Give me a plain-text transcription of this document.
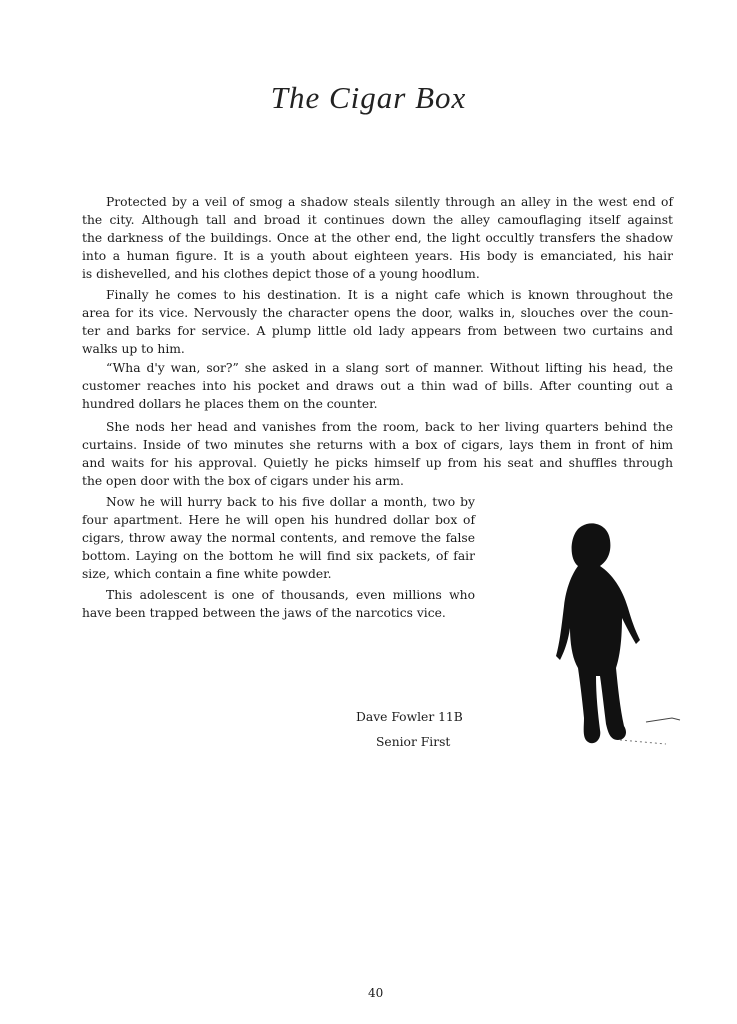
The Cigar Box
Protected by a veil of smog a shadow steals silently through an alley in the west end of
the city. Although tall and broad it continues down the alley camouflaging itself against
the darkness of the buildings. Once at the other end, the light occultly transfers the shadow
into a human figure. It is a youth about eighteen years. His body is emanciated, his hair
is dishevelled, and his clothes depict those of a young hoodlum.
Finally he comes to his destination. It is a night cafe which is known throughout the
area for its vice. Nervously the character opens the door, walks in, slouches over the coun-
ter and barks for service. A plump little old lady appears from between two curtains and
walks up to him.
“Wha d'y wan, sor?” she asked in a slang sort of manner. Without lifting his head, the
customer reaches into his pocket and draws out a thin wad of bills. After counting out a
hundred dollars he places them on the counter.
She nods her head and vanishes from the room, back to her living quarters behind the
curtains. Inside of two minutes she returns with a box of cigars, lays them in front of him
and waits for his approval. Quietly he picks himself up from his seat and shuffles through
the open door with the box of cigars under his arm.
Now he will hurry back to his five dollar a month, two by
four apartment. Here he will open his hundred dollar box of
cigars, throw away the normal contents, and remove the false
bottom. Laying on the bottom he will find six packets, of fair
size, which contain a fine white powder.
This adolescent is one of thousands, even millions who
have been trapped between the jaws of the narcotics vice.
Dave Fowler 11B
Senior First
40
